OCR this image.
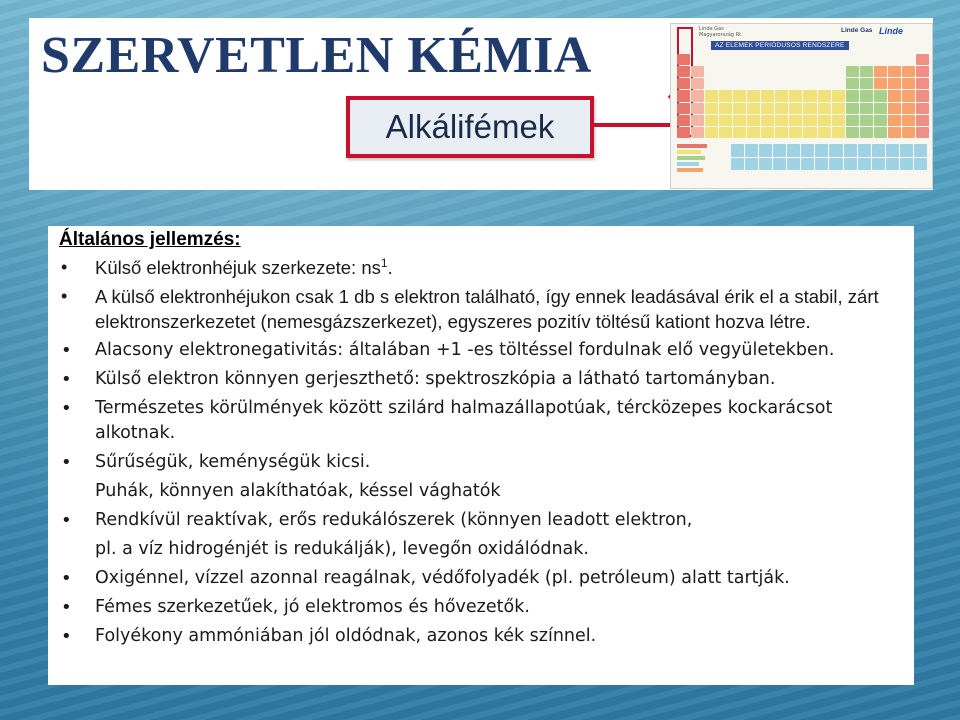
SZERVETLEN KÉMIA
Alkálifémek
Linde Gas Magyarország Rt.
AZ ELEMEK PERIÓDUSOS RENDSZERE
Linde Gas Linde

Általános jellemzés:

• Külső elektronhéjuk szerkezete: $ns^1$.
• A külső elektronhéjukon csak 1 db s elektron található, így ennek leadásával érik el a stabil, zárt elektronszerkezetet (nemesgázszerkezet), egyszeres pozitív töltésű kationt hozva létre.
• Alacsony elektronegativitás: általában +1 -es töltéssel fordulnak elő vegyületekben.
• Külső elektron könnyen gerjeszthető: spektroszkópia a látható tartományban.
• Természetes körülmények között szilárd halmazállapotúak, tércközepes kockarácsot alkotnak.
• Sűrűségük, keménységük kicsi.
Puhák, könnyen alakíthatóak, késsel vághatók
• Rendkívül reaktívak, erős redukálószerek (könnyen leadott elektron,
pl. a víz hidrogénjét is redukálják), levegőn oxidálódnak.
• Oxigénnel, vízzel azonnal reagálnak, védőfolyadék (pl. petróleum) alatt tartják.
• Fémes szerkezetűek, jó elektromos és hővezetők.
• Folyékony ammóniában jól oldódnak, azonos kék színnel.
